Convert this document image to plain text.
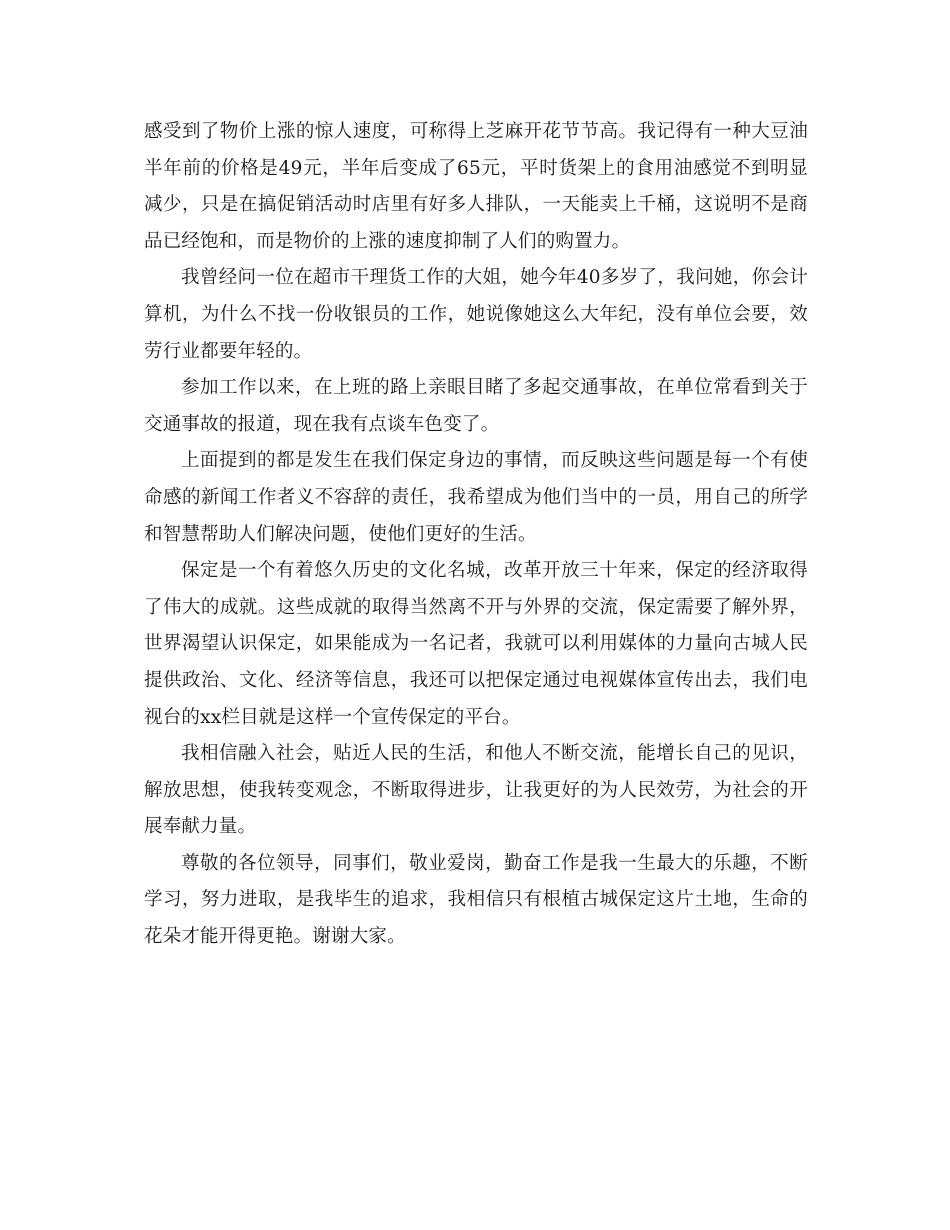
感受到了物价上涨的惊人速度，可称得上芝麻开花节节高。我记得有一种大豆油半年前的价格是49元，半年后变成了65元，平时货架上的食用油感觉不到明显减少，只是在搞促销活动时店里有好多人排队，一天能卖上千桶，这说明不是商品已经饱和，而是物价的上涨的速度抑制了人们的购置力。

我曾经问一位在超市干理货工作的大姐，她今年40多岁了，我问她，你会计算机，为什么不找一份收银员的工作，她说像她这么大年纪，没有单位会要，效劳行业都要年轻的。

参加工作以来，在上班的路上亲眼目睹了多起交通事故，在单位常看到关于交通事故的报道，现在我有点谈车色变了。

上面提到的都是发生在我们保定身边的事情，而反映这些问题是每一个有使命感的新闻工作者义不容辞的责任，我希望成为他们当中的一员，用自己的所学和智慧帮助人们解决问题，使他们更好的生活。

保定是一个有着悠久历史的文化名城，改革开放三十年来，保定的经济取得了伟大的成就。这些成就的取得当然离不开与外界的交流，保定需要了解外界，世界渴望认识保定，如果能成为一名记者，我就可以利用媒体的力量向古城人民提供政治、文化、经济等信息，我还可以把保定通过电视媒体宣传出去，我们电视台的xx栏目就是这样一个宣传保定的平台。

我相信融入社会，贴近人民的生活，和他人不断交流，能增长自己的见识，解放思想，使我转变观念，不断取得进步，让我更好的为人民效劳，为社会的开展奉献力量。

尊敬的各位领导，同事们，敬业爱岗，勤奋工作是我一生最大的乐趣，不断学习，努力进取，是我毕生的追求，我相信只有根植古城保定这片土地，生命的花朵才能开得更艳。谢谢大家。
